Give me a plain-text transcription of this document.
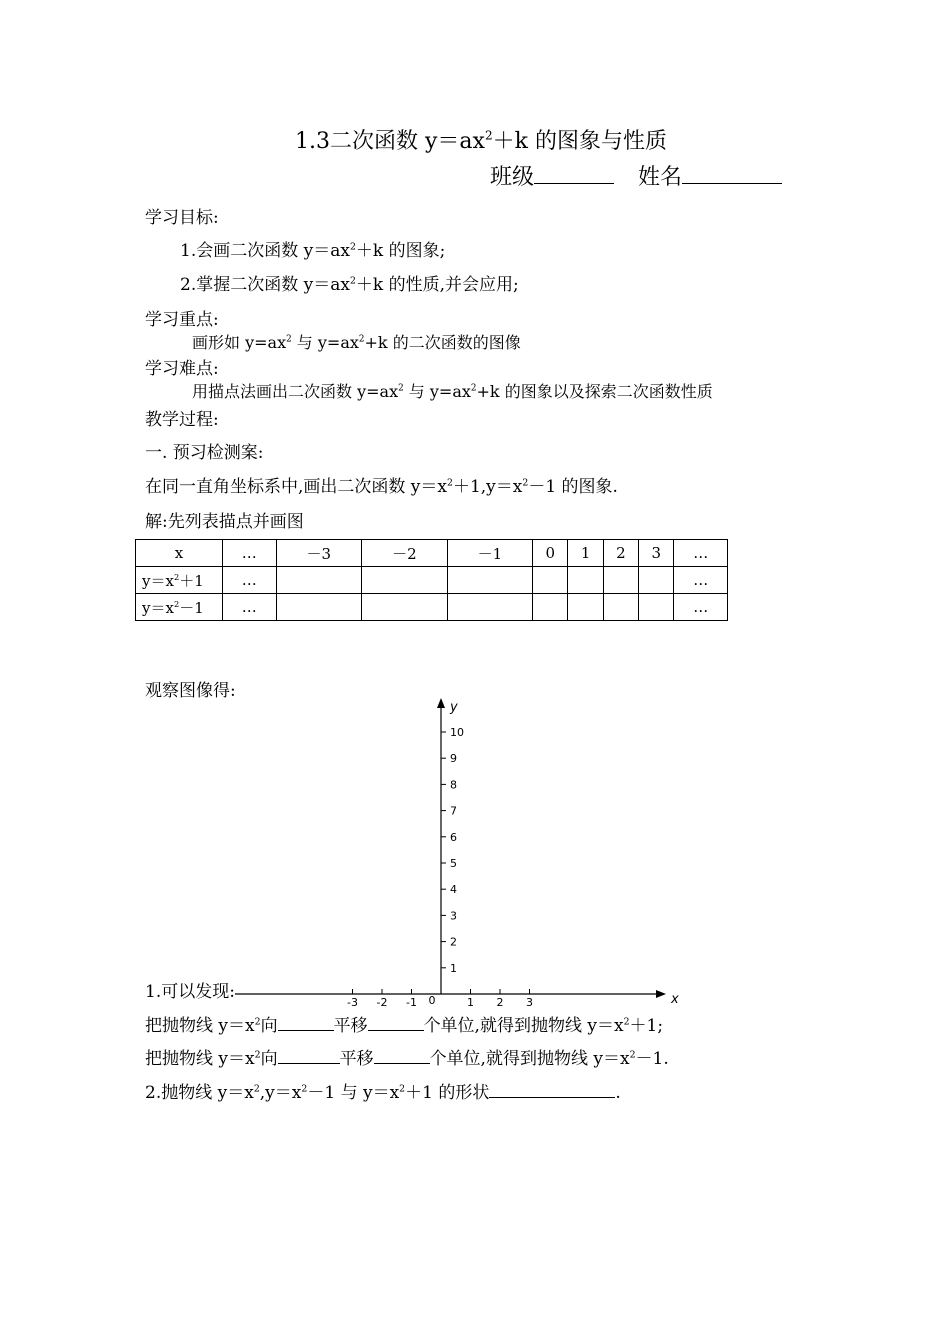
1.3二次函数 $y=ax^2+k$ 的图象与性质
班级	姓名
学习目标:
1.会画二次函数 $y=ax^2+k$ 的图象;
2.掌握二次函数 $y=ax^2+k$ 的性质,并会应用;
学习重点:
画形如 $y=ax^2$ 与 $y=ax^2+k$ 的二次函数的图像
学习难点:
用描点法画出二次函数 $y=ax^2$ 与 $y=ax^2+k$ 的图象以及探索二次函数性质
教学过程:
一. 预习检测案:
在同一直角坐标系中,画出二次函数 $y=x^2+1,y=x^2-1$ 的图象.
解:先列表描点并画图
x	…	－3	－2	－1	0	1	2	3	…
$y=x^2+1$	…								…
$y=x^2-1$	…								…
观察图像得:
x
y
0
-3 -2 -1	1 2 3
1
2
3
4
5
6
7
8
9
10
1.可以发现:
把抛物线 $y=x^2$向	平移	个单位,就得到抛物线 $y=x^2+1$;
把抛物线 $y=x^2$向	平移	个单位,就得到抛物线 $y=x^2-1$.
2.抛物线 $y=x^2,y=x^2-1$ 与 $y=x^2+1$ 的形状	.
